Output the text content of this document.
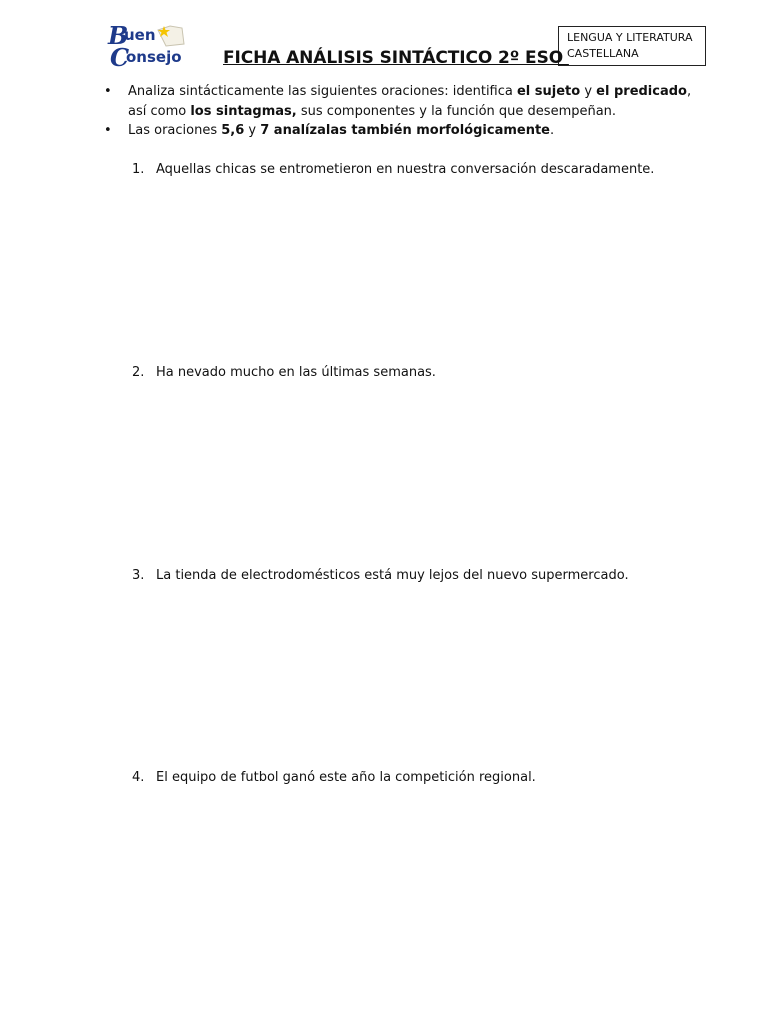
B
uen
C
onsejo
LENGUA Y LITERATURA
CASTELLANA
FICHA ANÁLISIS SINTÁCTICO 2º ESO
• Analiza sintácticamente las siguientes oraciones: identifica el sujeto y el predicado,
así como los sintagmas, sus componentes y la función que desempeñan.

• Las oraciones 5,6 y 7 analízalas también morfológicamente.

1. Aquellas chicas se entrometieron en nuestra conversación descaradamente.
2. Ha nevado mucho en las últimas semanas.
3. La tienda de electrodomésticos está muy lejos del nuevo supermercado.
4. El equipo de futbol ganó este año la competición regional.
